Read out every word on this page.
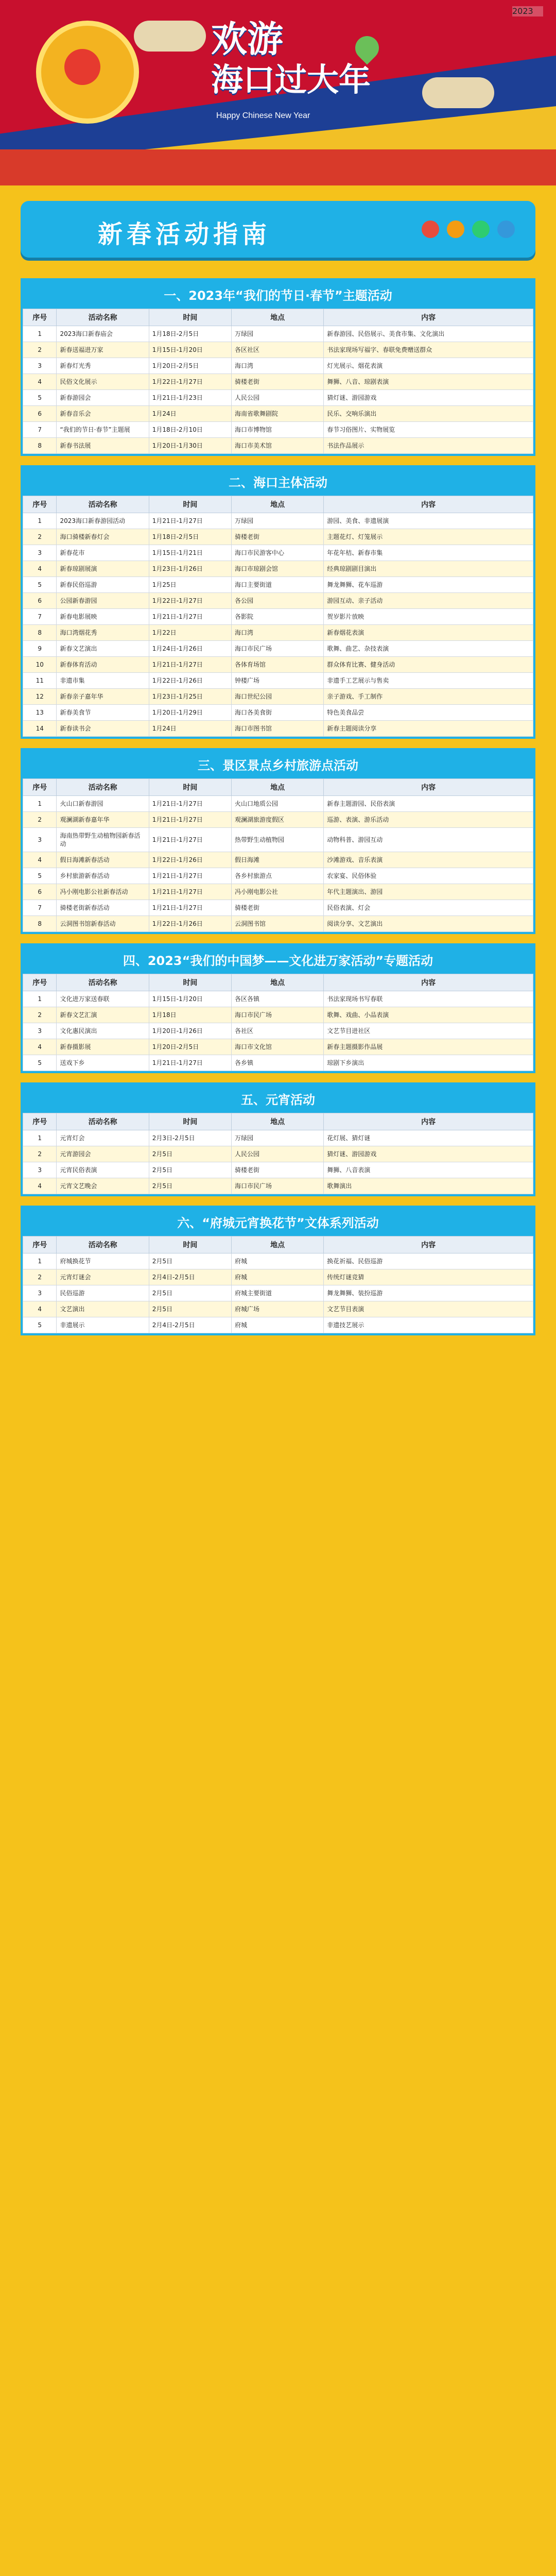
欢游
海口过大年
Happy Chinese New Year
2023
新春活动指南

一、2023年“我们的节日·春节”主题活动
序号	活动名称	时间	地点	内容
1	2023海口新春庙会	1月18日-2月5日	万绿园	新春游园、民俗展示、美食市集、文化演出
2	新春送福进万家	1月15日-1月20日	各区社区	书法家现场写福字、春联免费赠送群众
3	新春灯光秀	1月20日-2月5日	海口湾	灯光展示、烟花表演
4	民俗文化展示	1月22日-1月27日	骑楼老街	舞狮、八音、琼剧表演
5	新春游园会	1月21日-1月23日	人民公园	猜灯谜、游园游戏
6	新春音乐会	1月24日	海南省歌舞剧院	民乐、交响乐演出
7	“我们的节日·春节”主题展	1月18日-2月10日	海口市博物馆	春节习俗图片、实物展览
8	新春书法展	1月20日-1月30日	海口市美术馆	书法作品展示
二、海口主体活动
序号	活动名称	时间	地点	内容
1	2023海口新春游园活动	1月21日-1月27日	万绿园	游园、美食、非遗展演
2	海口骑楼新春灯会	1月18日-2月5日	骑楼老街	主题花灯、灯笼展示
3	新春花市	1月15日-1月21日	海口市民游客中心	年花年桔、新春市集
4	新春琼剧展演	1月23日-1月26日	海口市琼剧会馆	经典琼剧剧目演出
5	新春民俗巡游	1月25日	海口主要街道	舞龙舞狮、花车巡游
6	公园新春游园	1月22日-1月27日	各公园	游园互动、亲子活动
7	新春电影展映	1月21日-1月27日	各影院	贺岁影片放映
8	海口湾烟花秀	1月22日	海口湾	新春烟花表演
9	新春文艺演出	1月24日-1月26日	海口市民广场	歌舞、曲艺、杂技表演
10	新春体育活动	1月21日-1月27日	各体育场馆	群众体育比赛、健身活动
11	非遗市集	1月22日-1月26日	钟楼广场	非遗手工艺展示与售卖
12	新春亲子嘉年华	1月23日-1月25日	海口世纪公园	亲子游戏、手工制作
13	新春美食节	1月20日-1月29日	海口各美食街	特色美食品尝
14	新春读书会	1月24日	海口市图书馆	新春主题阅读分享
三、景区景点乡村旅游点活动
序号	活动名称	时间	地点	内容
1	火山口新春游园	1月21日-1月27日	火山口地质公园	新春主题游园、民俗表演
2	观澜湖新春嘉年华	1月21日-1月27日	观澜湖旅游度假区	巡游、表演、游乐活动
3	海南热带野生动植物园新春活动	1月21日-1月27日	热带野生动植物园	动物科普、游园互动
4	假日海滩新春活动	1月22日-1月26日	假日海滩	沙滩游戏、音乐表演
5	乡村旅游新春活动	1月21日-1月27日	各乡村旅游点	农家宴、民俗体验
6	冯小刚电影公社新春活动	1月21日-1月27日	冯小刚电影公社	年代主题演出、游园
7	骑楼老街新春活动	1月21日-1月27日	骑楼老街	民俗表演、灯会
8	云洞图书馆新春活动	1月22日-1月26日	云洞图书馆	阅读分享、文艺演出
四、2023“我们的中国梦——文化进万家活动”专题活动
序号	活动名称	时间	地点	内容
1	文化进万家送春联	1月15日-1月20日	各区各镇	书法家现场书写春联
2	新春文艺汇演	1月18日	海口市民广场	歌舞、戏曲、小品表演
3	文化惠民演出	1月20日-1月26日	各社区	文艺节目进社区
4	新春摄影展	1月20日-2月5日	海口市文化馆	新春主题摄影作品展
5	送戏下乡	1月21日-1月27日	各乡镇	琼剧下乡演出
五、元宵活动
序号	活动名称	时间	地点	内容
1	元宵灯会	2月3日-2月5日	万绿园	花灯展、猜灯谜
2	元宵游园会	2月5日	人民公园	猜灯谜、游园游戏
3	元宵民俗表演	2月5日	骑楼老街	舞狮、八音表演
4	元宵文艺晚会	2月5日	海口市民广场	歌舞演出
六、“府城元宵换花节”文体系列活动
序号	活动名称	时间	地点	内容
1	府城换花节	2月5日	府城	换花祈福、民俗巡游
2	元宵灯谜会	2月4日-2月5日	府城	传统灯谜竞猜
3	民俗巡游	2月5日	府城主要街道	舞龙舞狮、装扮巡游
4	文艺演出	2月5日	府城广场	文艺节目表演
5	非遗展示	2月4日-2月5日	府城	非遗技艺展示
